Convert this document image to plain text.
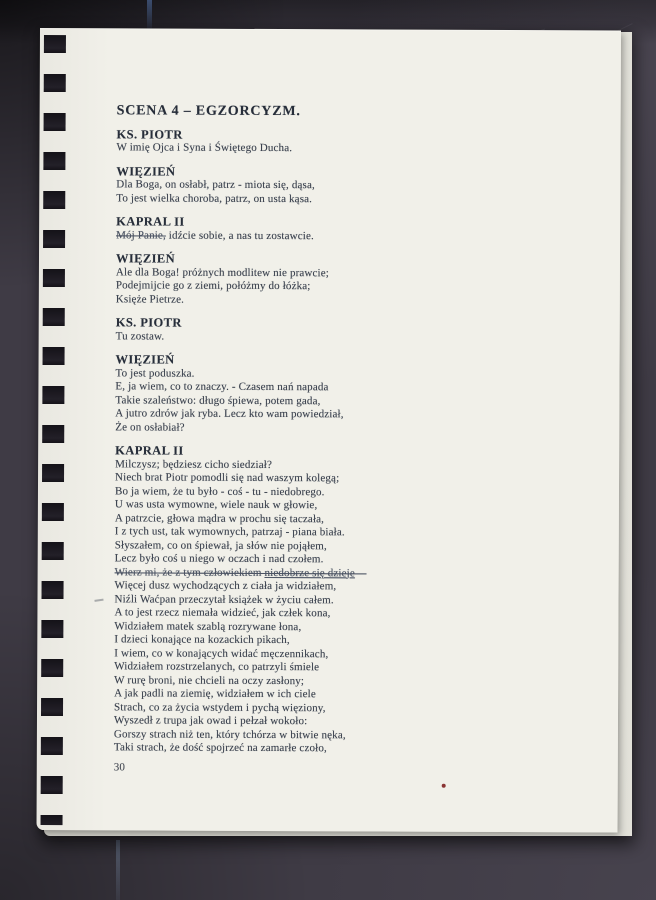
SCENA 4 – EGZORCYZM.
KS. PIOTR
W imię Ojca i Syna i Świętego Ducha.
WIĘZIEŃ
Dla Boga, on osłabł, patrz - miota się, dąsa,
To jest wielka choroba, patrz, on usta kąsa.
KAPRAL II
Mój Panie, idźcie sobie, a nas tu zostawcie.
WIĘZIEŃ
Ale dla Boga! próżnych modlitew nie prawcie;
Podejmijcie go z ziemi, połóżmy do łóżka;
Księże Pietrze.
KS. PIOTR
Tu zostaw.
WIĘZIEŃ
To jest poduszka.
E, ja wiem, co to znaczy. - Czasem nań napada
Takie szaleństwo: długo śpiewa, potem gada,
A jutro zdrów jak ryba. Lecz kto wam powiedział,
Że on osłabiał?
KAPRAL II
Milczysz; będziesz cicho siedział?
Niech brat Piotr pomodli się nad waszym kolegą;
Bo ja wiem, że tu było - coś - tu - niedobrego.
U was usta wymowne, wiele nauk w głowie,
A patrzcie, głowa mądra w prochu się taczała,
I z tych ust, tak wymownych, patrzaj - piana biała.
Słyszałem, co on śpiewał, ja słów nie pojąłem,
Lecz było coś u niego w oczach i nad czołem.
Wierz mi, że z tym człowiekiem niedobrze się dzieje
Więcej dusz wychodzących z ciała ja widziałem,
Niźli Waćpan przeczytał książek w życiu całem.
A to jest rzecz niemała widzieć, jak człek kona,
Widziałem matek szablą rozrywane łona,
I dzieci konające na kozackich pikach,
I wiem, co w konających widać męczennikach,
Widziałem rozstrzelanych, co patrzyli śmiele
W rurę broni, nie chcieli na oczy zasłony;
A jak padli na ziemię, widziałem w ich ciele
Strach, co za życia wstydem i pychą więziony,
Wyszedł z trupa jak owad i pełzał wokoło:
Gorszy strach niż ten, który tchórza w bitwie nęka,
Taki strach, że dość spojrzeć na zamarłe czoło,
30
